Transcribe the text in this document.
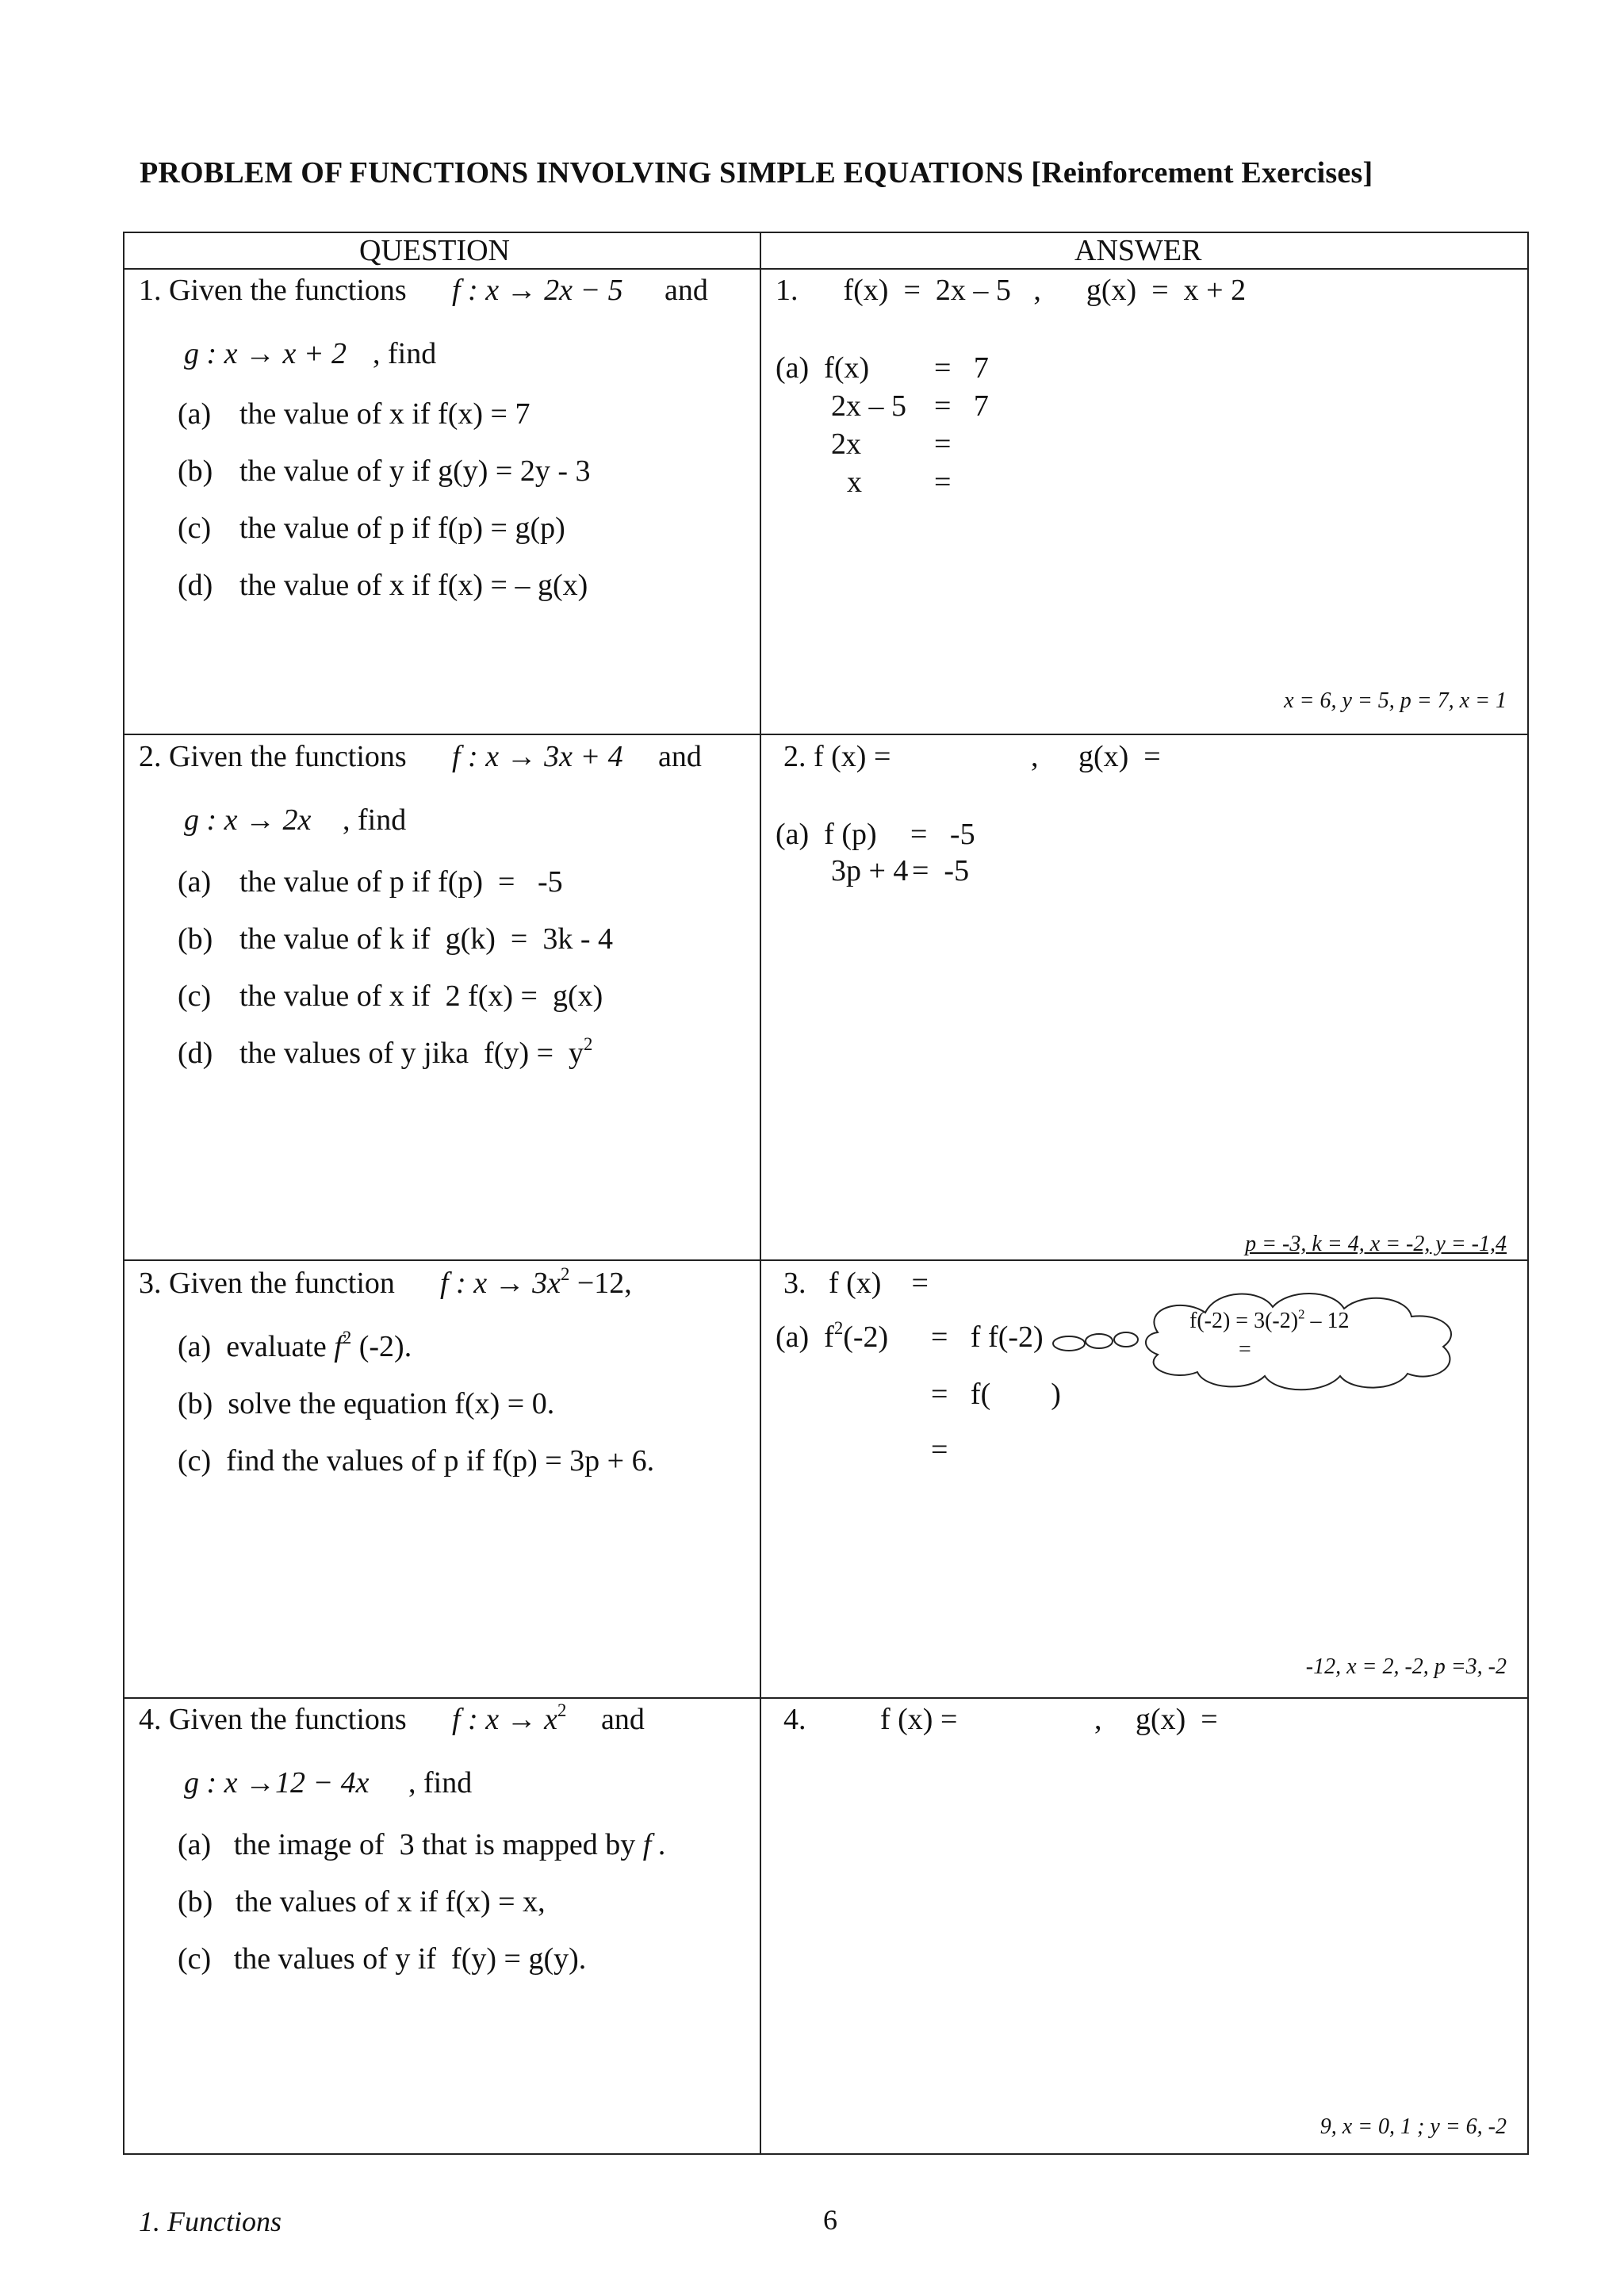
PROBLEM OF FUNCTIONS INVOLVING SIMPLE EQUATIONS [Reinforcement Exercises]
QUESTION	ANSWER
1. Given the functions f : x → 2x − 5 and
g : x → x + 2 , find
(a) the value of x if f(x) = 7
(b) the value of y if g(y) = 2y - 3
(c) the value of p if f(p) = g(p)
(d) the value of x if f(x) = – g(x)
1.      f(x)  =  2x – 5   ,      g(x)  =  x + 2
(a)  f(x) =   7
2x – 5 =   7
2x =
x =
x = 6, y = 5, p = 7, x = 1
2. Given the functions f : x → 3x + 4 and
g : x → 2x , find
(a) the value of p if f(p)  =   -5
(b) the value of k if  g(k)  =  3k - 4
(c) the value of x if  2 f(x) =  g(x)
(d) the values of y jika  $f(y) = y^2$
2. f (x) =	, g(x)  =
(a)  f (p) =   -5
3p + 4 =  -5
p = -3, k = 4, x = -2, y = -1,4
3. Given the function f : $x \to 3x^2 -12$,
(a) evaluate $f^2$ (-2).
(b) solve the equation f(x) = 0.
(c) find the values of p if f(p) = 3p + 6.
3.   f (x)    =
(a)  $f^2(-2) = f$ f(-2)
=   f(        )
=
$f(-2) = 3(-2)^2 - 12$
=
-12, x = 2, -2, p =3, -2
4. Given the functions f : $x \to x^2$ and
g : x →12 − 4x , find
(a) the image of  3 that is mapped by f .
(b) the values of x if f(x) = x,
(c) the values of y if  f(y) = g(y).
4. f (x) =	, g(x)  =
9, x = 0, 1 ; y = 6, -2
1. Functions	6
